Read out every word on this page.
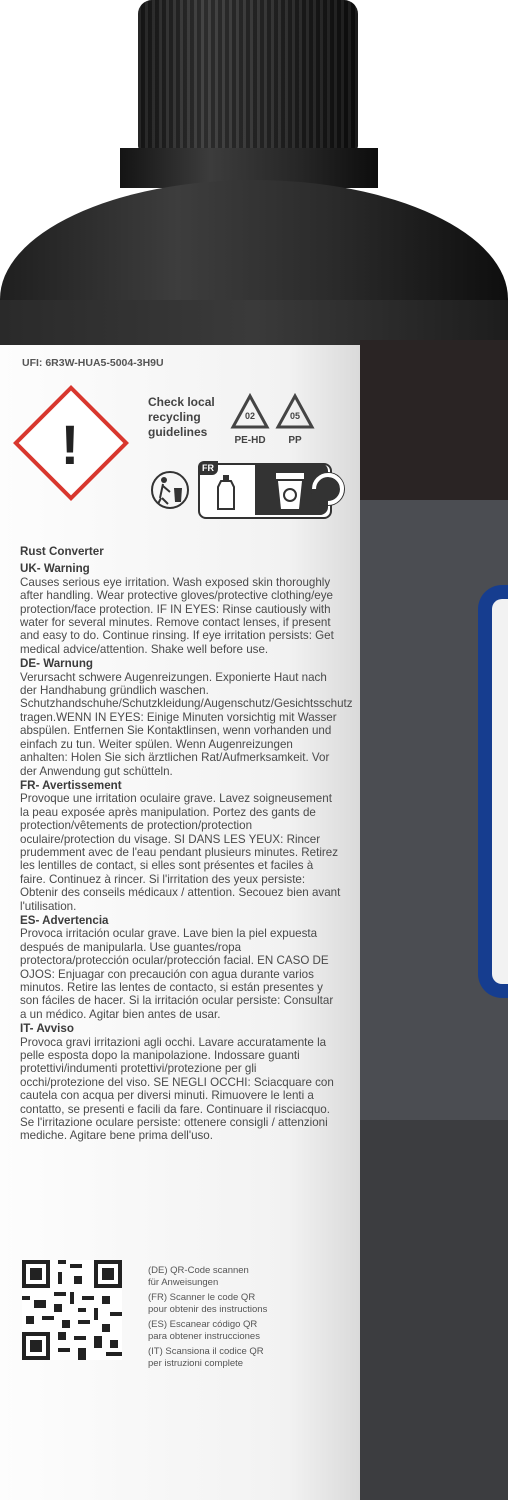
UFI: 6R3W-HUA5-5004-3H9U
!
Check local
recycling
guidelines
02
PE-HD
05
PP
FR
Rust Converter
UK- Warning
Causes serious eye irritation. Wash exposed skin thoroughly after handling. Wear protective gloves/protective clothing/eye protection/face protection. IF IN EYES: Rinse cautiously with water for several minutes. Remove contact lenses, if present and easy to do. Continue rinsing. If eye irritation persists: Get medical advice/attention. Shake well before use.
DE- Warnung
Verursacht schwere Augenreizungen. Exponierte Haut nach der Handhabung gründlich waschen. Schutzhandschuhe/Schutzkleidung/Augenschutz/Gesichtsschutz tragen.WENN IN EYES: Einige Minuten vorsichtig mit Wasser abspülen. Entfernen Sie Kontaktlinsen, wenn vorhanden und einfach zu tun. Weiter spülen. Wenn Augenreizungen anhalten: Holen Sie sich ärztlichen Rat/Aufmerksamkeit. Vor der Anwendung gut schütteln.
FR- Avertissement
Provoque une irritation oculaire grave. Lavez soigneusement la peau exposée après manipulation. Portez des gants de protection/vêtements de protection/protection oculaire/protection du visage. SI DANS LES YEUX: Rincer prudemment avec de l'eau pendant plusieurs minutes. Retirez les lentilles de contact, si elles sont présentes et faciles à faire. Continuez à rincer. Si l'irritation des yeux persiste: Obtenir des conseils médicaux / attention. Secouez bien avant l'utilisation.
ES- Advertencia
Provoca irritación ocular grave. Lave bien la piel expuesta después de manipularla. Use guantes/ropa protectora/protección ocular/protección facial. EN CASO DE OJOS: Enjuagar con precaución con agua durante varios minutos. Retire las lentes de contacto, si están presentes y son fáciles de hacer. Si la irritación ocular persiste: Consultar a un médico. Agitar bien antes de usar.
IT- Avviso
Provoca gravi irritazioni agli occhi. Lavare accuratamente la pelle esposta dopo la manipolazione. Indossare guanti protettivi/indumenti protettivi/protezione per gli occhi/protezione del viso. SE NEGLI OCCHI: Sciacquare con cautela con acqua per diversi minuti. Rimuovere le lenti a contatto, se presenti e facili da fare. Continuare il risciacquo. Se l'irritazione oculare persiste: ottenere consigli / attenzioni mediche. Agitare bene prima dell'uso.
(DE) QR-Code scannen
für Anweisungen
(FR) Scanner le code QR
pour obtenir des instructions
(ES) Escanear código QR
para obtener instrucciones
(IT) Scansiona il codice QR
per istruzioni complete
